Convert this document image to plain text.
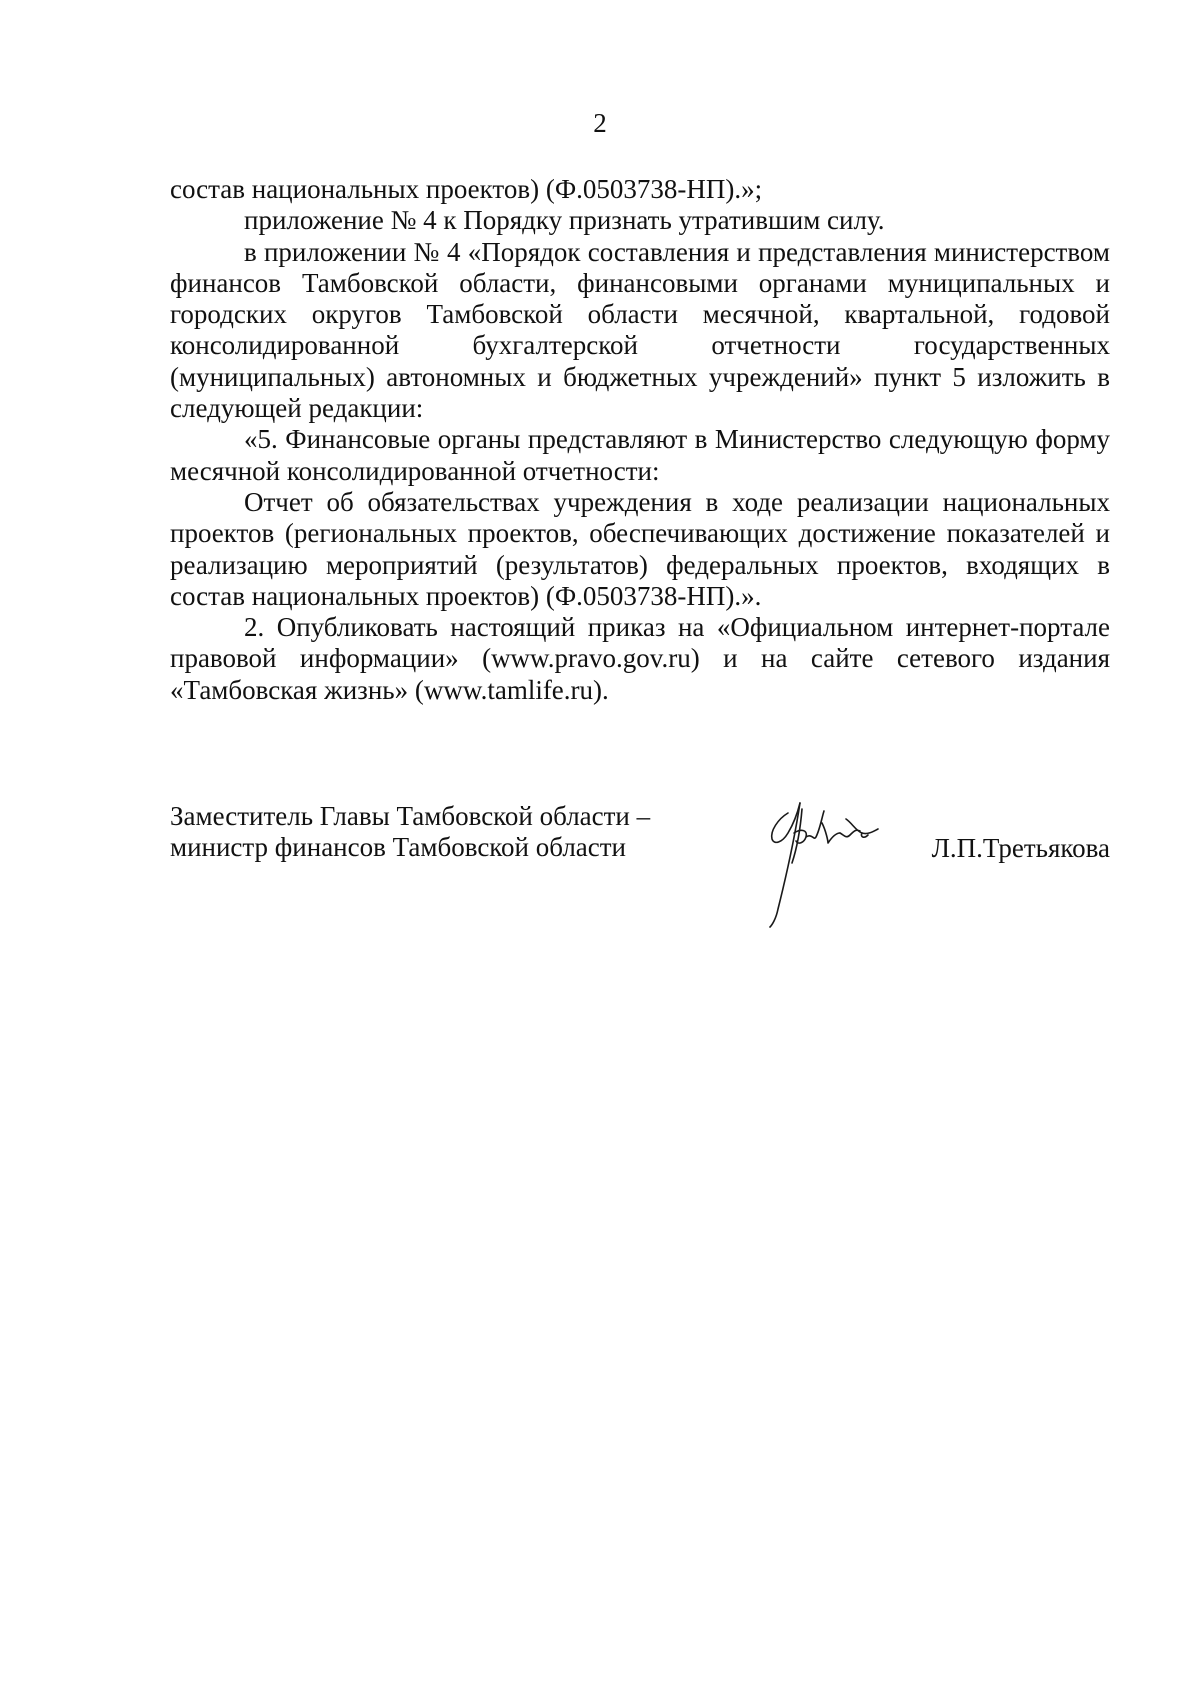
2

состав национальных проектов) (Ф.0503738-НП).»;

приложение № 4 к Порядку признать утратившим силу.

в приложении № 4 «Порядок составления и представления министерством финансов Тамбовской области, финансовыми органами муниципальных и городских округов Тамбовской области месячной, квартальной, годовой консолидированной бухгалтерской отчетности государственных (муниципальных) автономных и бюджетных учреждений» пункт 5 изложить в следующей редакции:

«5. Финансовые органы представляют в Министерство следующую форму месячной консолидированной отчетности:

Отчет об обязательствах учреждения в ходе реализации национальных проектов (региональных проектов, обеспечивающих достижение показателей и реализацию мероприятий (результатов) федеральных проектов, входящих в состав национальных проектов) (Ф.0503738-НП).».

2. Опубликовать настоящий приказ на «Официальном интернет-портале правовой информации» (www.pravo.gov.ru) и на сайте сетевого издания «Тамбовская жизнь» (www.tamlife.ru).

Заместитель Главы Тамбовской области –
министр финансов Тамбовской области	Л.П.Третьякова
